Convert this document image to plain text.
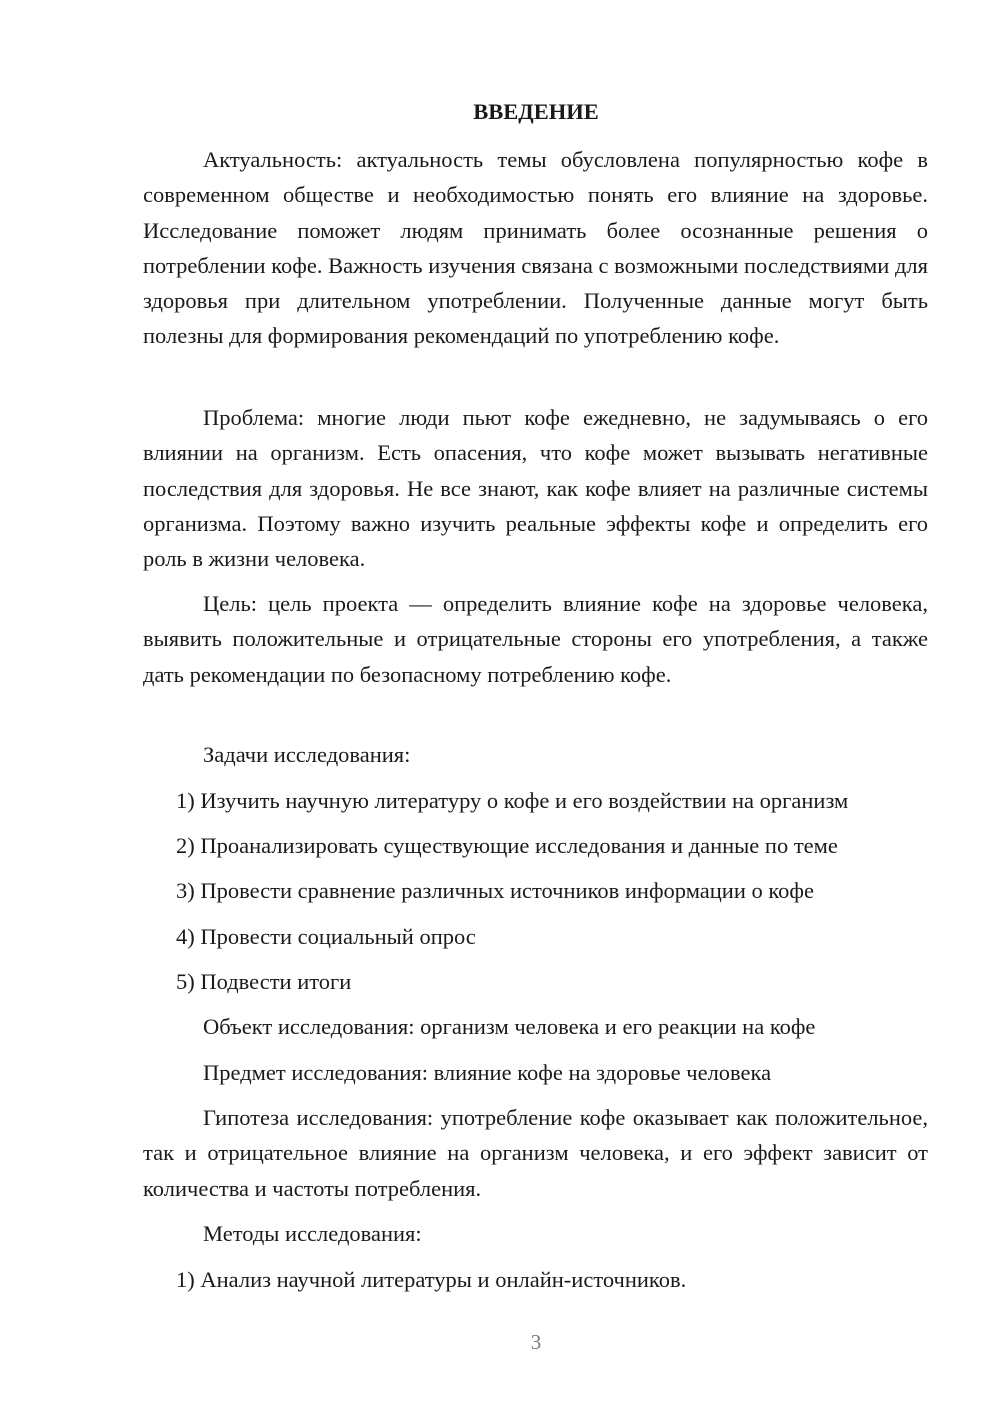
ВВЕДЕНИЕ

Актуальность: актуальность темы обусловлена популярностью кофе в современном обществе и необходимостью понять его влияние на здоровье. Исследование поможет людям принимать более осознанные решения о потреблении кофе. Важность изучения связана с возможными последствиями для здоровья при длительном употреблении. Полученные данные могут быть полезны для формирования рекомендаций по употреблению кофе.

Проблема: многие люди пьют кофе ежедневно, не задумываясь о его влиянии на организм. Есть опасения, что кофе может вызывать негативные последствия для здоровья. Не все знают, как кофе влияет на различные системы организма. Поэтому важно изучить реальные эффекты кофе и определить его роль в жизни человека.

Цель: цель проекта — определить влияние кофе на здоровье человека, выявить положительные и отрицательные стороны его употребления, а также дать рекомендации по безопасному потреблению кофе.

Задачи исследования:

1) Изучить научную литературу о кофе и его воздействии на организм

2) Проанализировать существующие исследования и данные по теме

3) Провести сравнение различных источников информации о кофе

4) Провести социальный опрос

5) Подвести итоги

Объект исследования: организм человека и его реакции на кофе

Предмет исследования: влияние кофе на здоровье человека

Гипотеза исследования: употребление кофе оказывает как положительное, так и отрицательное влияние на организм человека, и его эффект зависит от количества и частоты потребления.

Методы исследования:

1) Анализ научной литературы и онлайн-источников.

3
